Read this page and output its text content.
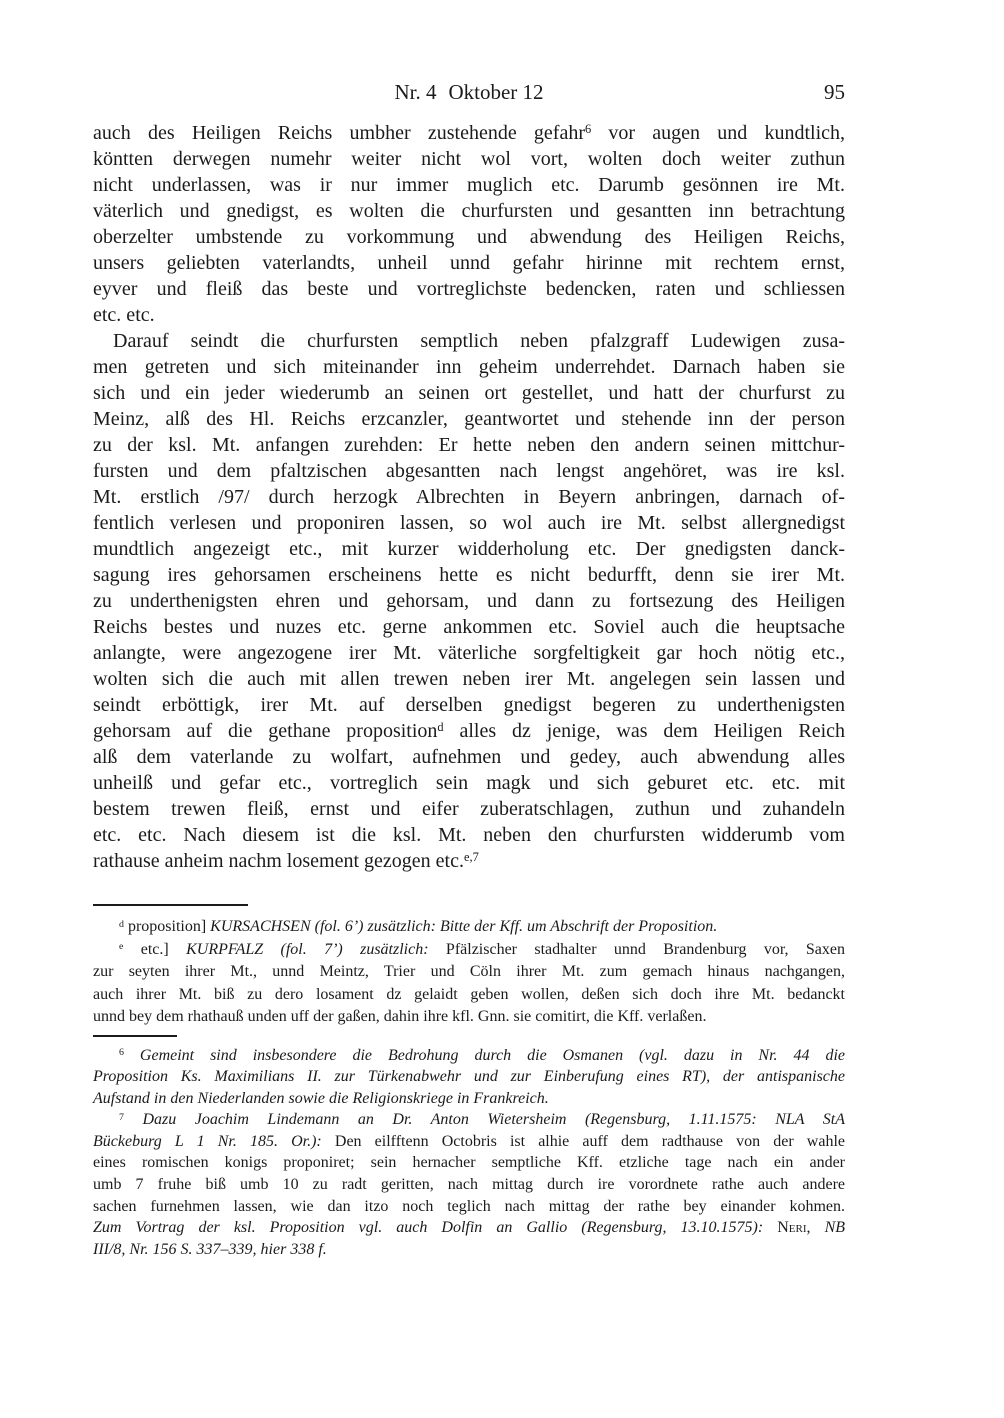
Nr. 4 Oktober 12	95
auch des Heiligen Reichs umbher zustehende gefahr$^6$ vor augen und kundtlich,
köntten derwegen numehr weiter nicht wol vort, wolten doch weiter zuthun
nicht underlassen, was ir nur immer muglich etc. Darumb gesönnen ire Mt.
väterlich und gnedigst, es wolten die churfursten und gesantten inn betrachtung
oberzelter umbstende zu vorkommung und abwendung des Heiligen Reichs,
unsers geliebten vaterlandts, unheil unnd gefahr hirinne mit rechtem ernst,
eyver und fleiß das beste und vortreglichste bedencken, raten und schliessen
etc. etc.
Darauf seindt die churfursten semptlich neben pfalzgraff Ludewigen zusa-
men getreten und sich miteinander inn geheim underrehdet. Darnach haben sie
sich und ein jeder wiederumb an seinen ort gestellet, und hatt der churfurst zu
Meinz, alß des Hl. Reichs erzcanzler, geantwortet und stehende inn der person
zu der ksl. Mt. anfangen zurehden: Er hette neben den andern seinen mittchur-
fursten und dem pfaltzischen abgesantten nach lengst angehöret, was ire ksl.
Mt. erstlich /97/ durch herzogk Albrechten in Beyern anbringen, darnach of-
fentlich verlesen und proponiren lassen, so wol auch ire Mt. selbst allergnedigst
mundtlich angezeigt etc., mit kurzer widderholung etc. Der gnedigsten danck-
sagung ires gehorsamen erscheinens hette es nicht bedurfft, denn sie irer Mt.
zu underthenigsten ehren und gehorsam, und dann zu fortsezung des Heiligen
Reichs bestes und nuzes etc. gerne ankommen etc. Soviel auch die heuptsache
anlangte, were angezogene irer Mt. väterliche sorgfeltigkeit gar hoch nötig etc.,
wolten sich die auch mit allen trewen neben irer Mt. angelegen sein lassen und
seindt erböttigk, irer Mt. auf derselben gnedigst begeren zu underthenigsten
gehorsam auf die gethane proposition$^d$ alles dz jenige, was dem Heiligen Reich
alß dem vaterlande zu wolfart, aufnehmen und gedey, auch abwendung alles
unheilß und gefar etc., vortreglich sein magk und sich geburet etc. etc. mit
bestem trewen fleiß, ernst und eifer zuberatschlagen, zuthun und zuhandeln
etc. etc. Nach diesem ist die ksl. Mt. neben den churfursten widderumb vom
rathause anheim nachm losement gezogen etc.$^{e,7}$
$^d$ proposition] KURSACHSEN (fol. 6’) zusätzlich: Bitte der Kff. um Abschrift der Proposition.
$^e$ etc.] KURPFALZ (fol. 7’) zusätzlich: Pfälzischer stadhalter unnd Brandenburg vor, Saxen
zur seyten ihrer Mt., unnd Meintz, Trier und Cöln ihrer Mt. zum gemach hinaus nachgangen,
auch ihrer Mt. biß zu dero losament dz gelaidt geben wollen, deßen sich doch ihre Mt. bedanckt
unnd bey dem rhathauß unden uff der gaßen, dahin ihre kfl. Gnn. sie comitirt, die Kff. verlaßen.
$^6$ Gemeint sind insbesondere die Bedrohung durch die Osmanen (vgl. dazu in Nr. 44 die
Proposition Ks. Maximilians II. zur Türkenabwehr und zur Einberufung eines RT), der antispanische
Aufstand in den Niederlanden sowie die Religionskriege in Frankreich.
$^7$ Dazu Joachim Lindemann an Dr. Anton Wietersheim (Regensburg, 1.11.1575: NLA StA
Bückeburg L 1 Nr. 185. Or.): Den eilfftenn Octobris ist alhie auff dem radthause von der wahle
eines romischen konigs proponiret; sein hernacher semptliche Kff. etzliche tage nach ein ander
umb 7 fruhe biß umb 10 zu radt geritten, nach mittag durch ire vorordnete rathe auch andere
sachen furnehmen lassen, wie dan itzo noch teglich nach mittag der rathe bey einander kohmen.
Zum Vortrag der ksl. Proposition vgl. auch Dolfin an Gallio (Regensburg, 13.10.1575): Neri, NB
III/8, Nr. 156 S. 337–339, hier 338 f.
